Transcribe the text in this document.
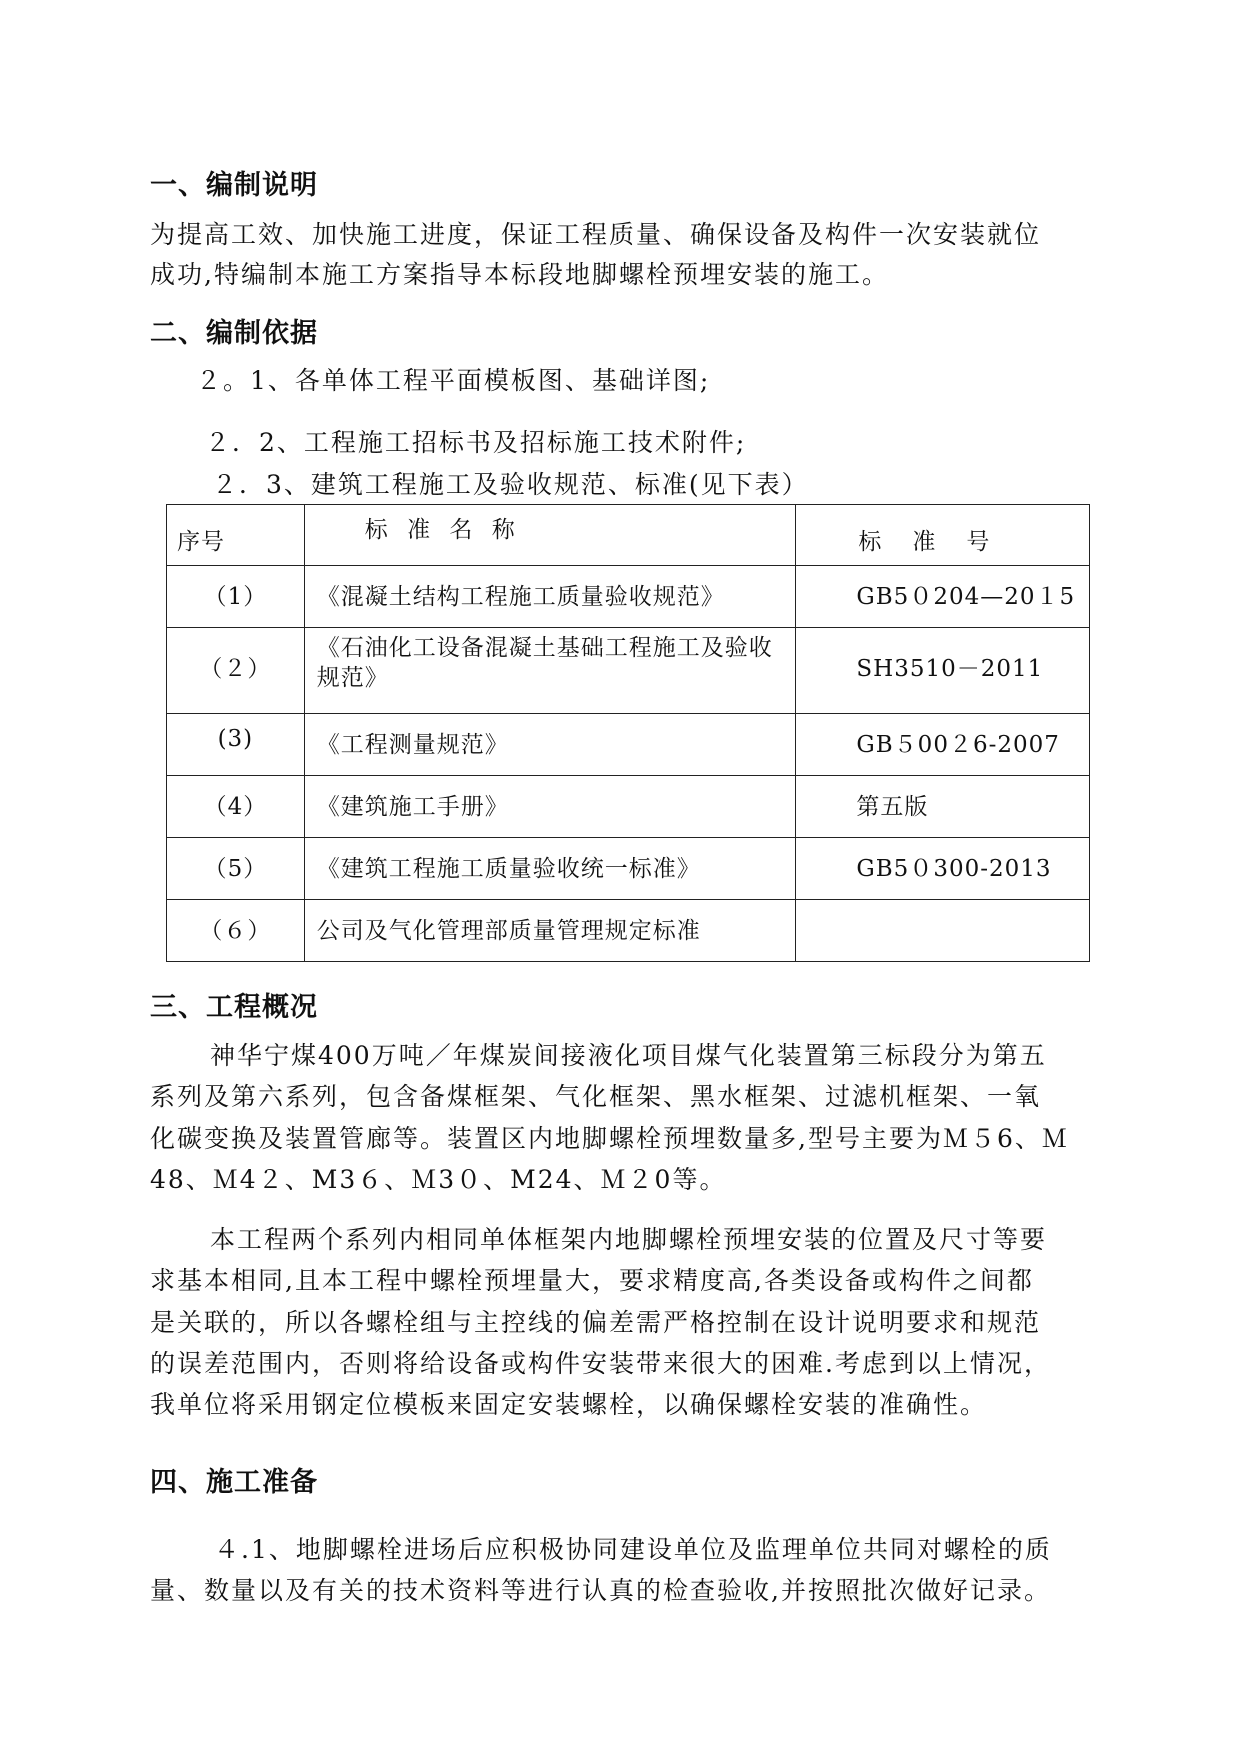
一、编制说明

为提高工效、加快施工进度，保证工程质量、确保设备及构件一次安装就位

成功,特编制本施工方案指导本标段地脚螺栓预埋安装的施工。

二、编制依据

２。1、各单体工程平面模板图、基础详图;

２．2、工程施工招标书及招标施工技术附件;

２．3、建筑工程施工及验收规范、标准(见下表）

序号	标 准 名 称	标　准　号

（1）	《混凝土结构工程施工质量验收规范》	GB5０204—20１5

（２）	《石油化工设备混凝土基础工程施工及验收规范》	SH3510－2011

(3)	《工程测量规范》	GB５00２6-2007

（4）	《建筑施工手册》	第五版

（5）	《建筑工程施工质量验收统一标准》	GB5０300-2013

（６）	公司及气化管理部质量管理规定标准	

三、工程概况

神华宁煤400万吨／年煤炭间接液化项目煤气化装置第三标段分为第五

系列及第六系列，包含备煤框架、气化框架、黑水框架、过滤机框架、一氧

化碳变换及装置管廊等。装置区内地脚螺栓预埋数量多,型号主要为Ｍ５6、Ｍ

48、Ｍ4２、M3６、Ｍ3０、M24、Ｍ２0等。

本工程两个系列内相同单体框架内地脚螺栓预埋安装的位置及尺寸等要

求基本相同,且本工程中螺栓预埋量大，要求精度高,各类设备或构件之间都

是关联的，所以各螺栓组与主控线的偏差需严格控制在设计说明要求和规范

的误差范围内，否则将给设备或构件安装带来很大的困难.考虑到以上情况，

我单位将采用钢定位模板来固定安装螺栓，以确保螺栓安装的准确性。

四、施工准备

４.1、地脚螺栓进场后应积极协同建设单位及监理单位共同对螺栓的质

量、数量以及有关的技术资料等进行认真的检查验收,并按照批次做好记录。
